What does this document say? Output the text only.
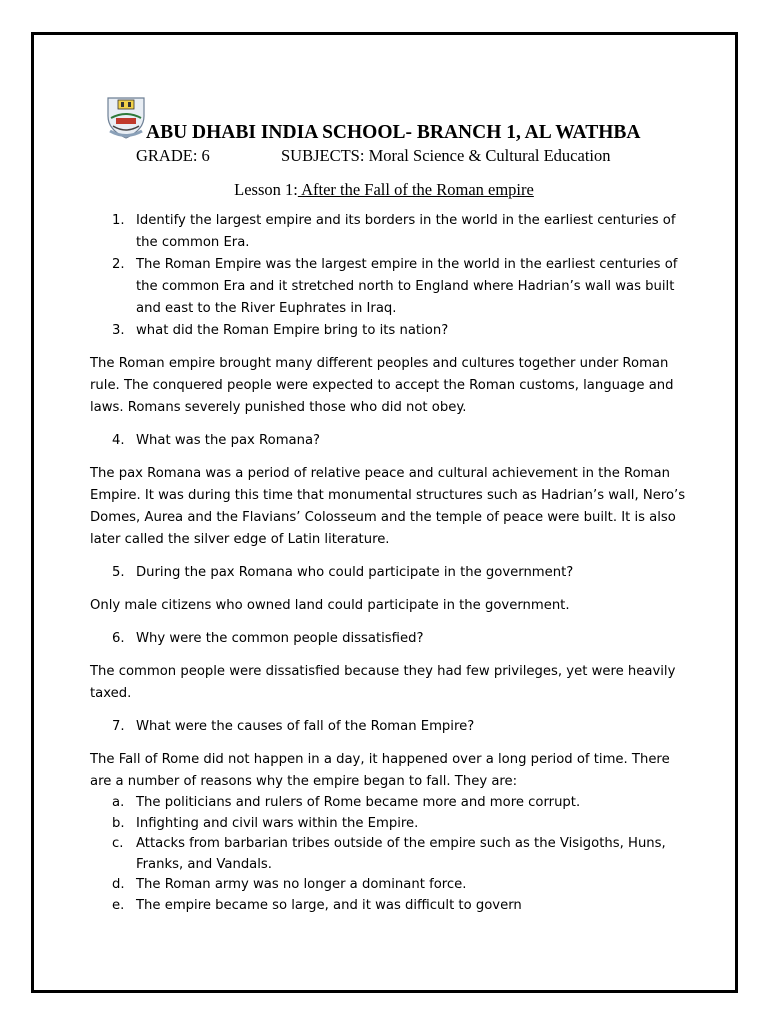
ABU DHABI INDIA SCHOOL- BRANCH 1, AL WATHBA
GRADE: 6	SUBJECTS: Moral Science & Cultural Education
Lesson 1: After the Fall of the Roman empire
1. Identify the largest empire and its borders in the world in the earliest centuries of the common Era.
2. The Roman Empire was the largest empire in the world in the earliest centuries of the common Era and it stretched north to England where Hadrian’s wall was built and east to the River Euphrates in Iraq.
3. what did the Roman Empire bring to its nation?
The Roman empire brought many different peoples and cultures together under Roman rule. The conquered people were expected to accept the Roman customs, language and laws. Romans severely punished those who did not obey.
4. What was the pax Romana?
The pax Romana was a period of relative peace and cultural achievement in the Roman Empire. It was during this time that monumental structures such as Hadrian’s wall, Nero’s Domes, Aurea and the Flavians’ Colosseum and the temple of peace were built. It is also later called the silver edge of Latin literature.
5. During the pax Romana who could participate in the government?
Only male citizens who owned land could participate in the government.
6. Why were the common people dissatisfied?
The common people were dissatisfied because they had few privileges, yet were heavily taxed.
7. What were the causes of fall of the Roman Empire?
The Fall of Rome did not happen in a day, it happened over a long period of time. There are a number of reasons why the empire began to fall. They are:
a. The politicians and rulers of Rome became more and more corrupt.
b. Infighting and civil wars within the Empire.
c. Attacks from barbarian tribes outside of the empire such as the Visigoths, Huns, Franks, and Vandals.
d. The Roman army was no longer a dominant force.
e. The empire became so large, and it was difficult to govern
